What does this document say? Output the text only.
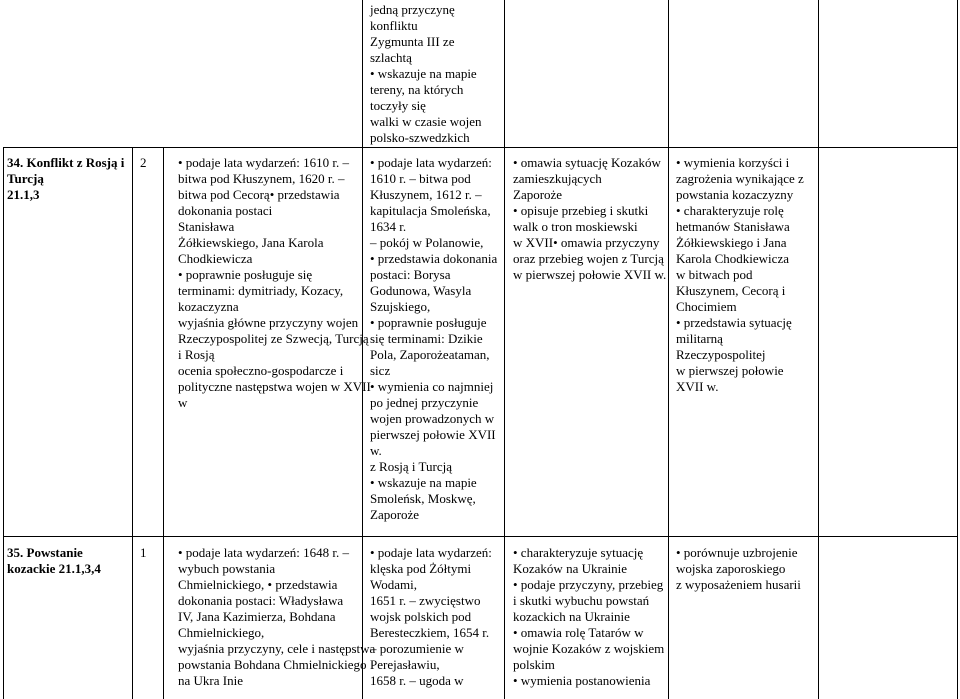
jedną przyczynę
konfliktu
Zygmunta III ze
szlachtą
• wskazuje na mapie
tereny, na których
toczyły się
walki w czasie wojen
polsko-szwedzkich
34. Konflikt z Rosją i
Turcją
21.1,3
2 • podaje lata wydarzeń: 1610 r. –
bitwa pod Kłuszynem, 1620 r. –
bitwa pod Cecorą• przedstawia
dokonania postaci
Stanisława
Żółkiewskiego, Jana Karola
Chodkiewicza
• poprawnie posługuje się
terminami: dymitriady, Kozacy,
kozaczyzna
wyjaśnia główne przyczyny wojen
Rzeczypospolitej ze Szwecją, Turcją
i Rosją
ocenia społeczno-gospodarcze i
polityczne następstwa wojen w XVII
w
• podaje lata wydarzeń:
1610 r. – bitwa pod
Kłuszynem, 1612 r. –
kapitulacja Smoleńska,
1634 r.
– pokój w Polanowie,
• przedstawia dokonania
postaci: Borysa
Godunowa, Wasyla
Szujskiego,
• poprawnie posługuje
się terminami: Dzikie
Pola, Zaporożeataman,
sicz
• wymienia co najmniej
po jednej przyczynie
wojen prowadzonych w
pierwszej połowie XVII
w.
z Rosją i Turcją
• wskazuje na mapie
Smoleńsk, Moskwę,
Zaporoże
• omawia sytuację Kozaków
zamieszkujących
Zaporoże
• opisuje przebieg i skutki
walk o tron moskiewski
w XVII• omawia przyczyny
oraz przebieg wojen z Turcją
w pierwszej połowie XVII w.
• wymienia korzyści i
zagrożenia wynikające z
powstania kozaczyzny
• charakteryzuje rolę
hetmanów Stanisława
Żółkiewskiego i Jana
Karola Chodkiewicza
w bitwach pod
Kłuszynem, Cecorą i
Chocimiem
• przedstawia sytuację
militarną
Rzeczypospolitej
w pierwszej połowie
XVII w.
35. Powstanie
kozackie 21.1,3,4
1 • podaje lata wydarzeń: 1648 r. –
wybuch powstania
Chmielnickiego, • przedstawia
dokonania postaci: Władysława
IV, Jana Kazimierza, Bohdana
Chmielnickiego,
wyjaśnia przyczyny, cele i następstwa
powstania Bohdana Chmielnickiego
na Ukra Inie
• podaje lata wydarzeń:
klęska pod Żółtymi
Wodami,
1651 r. – zwycięstwo
wojsk polskich pod
Beresteczkiem, 1654 r.
– porozumienie w
Perejasławiu,
1658 r. – ugoda w
• charakteryzuje sytuację
Kozaków na Ukrainie
• podaje przyczyny, przebieg
i skutki wybuchu powstań
kozackich na Ukrainie
• omawia rolę Tatarów w
wojnie Kozaków z wojskiem
polskim
• wymienia postanowienia
• porównuje uzbrojenie
wojska zaporoskiego
z wyposażeniem husarii
